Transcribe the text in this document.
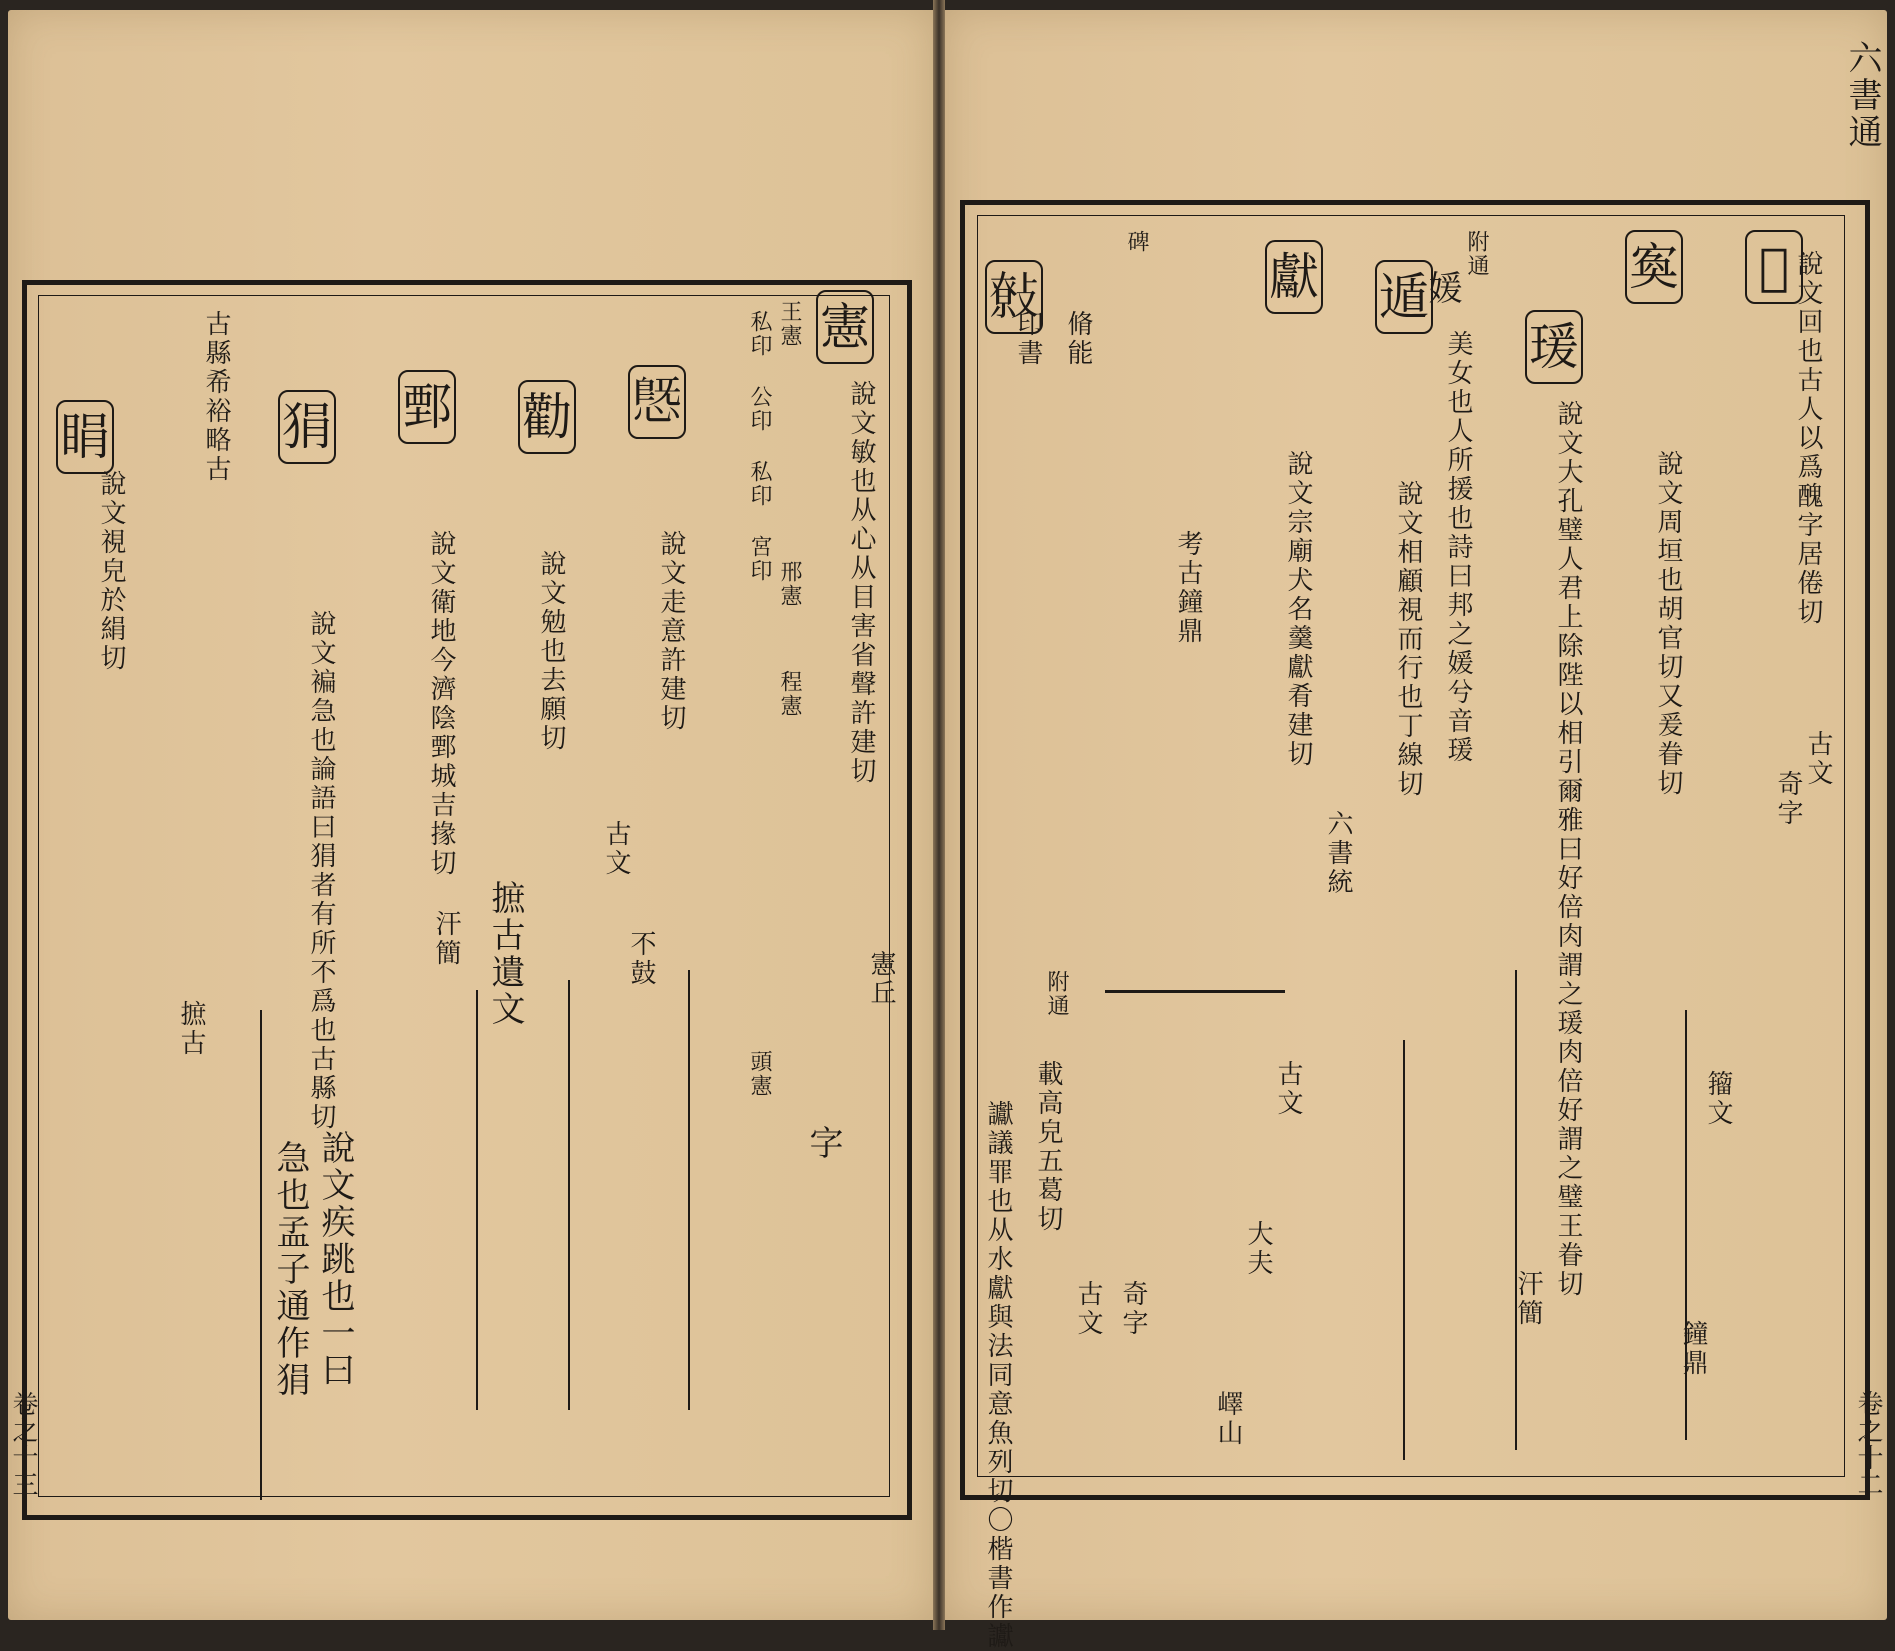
卷之十三
憲
說文敏也从心从目害省聲許建切
憲丘
王憲
邢憲
程憲
頭憲
私印 公印 私印 宮印
𢟪
說文走意許建切
古文
不鼓
勸
說文勉也去願切
摭古遺文
鄄
說文衛地今濟陰鄄城吉掾切
汗簡
狷
說文褊急也論語曰狷者有所不爲也古縣切
說文疾跳也一曰
急也孟子通作狷
睊
說文視皃於絹切
古縣希裕略古
摭古
字
六書通
卷之十二
𡇯 說文回也古人以爲醜字居倦切
古文
奇字
寏
說文周垣也胡官切又爰眷切
籀文
鐘鼎
瑗
說文大孔璧人君上除陛以相引爾雅曰好倍肉謂之瑗肉倍好謂之璧王眷切
汗簡
附通
媛
美女也人所援也詩曰邦之媛兮音瑗
遁
說文相顧視而行也丁線切
六書統
獻
說文宗廟犬名羹獻肴建切
古文
大夫
嶧山
考古鐘鼎
奇字
古文
附通
載高皃五葛切
讞議罪也从水獻與法同意魚列切〇楷書作讞
𢿞
碑
脩能
印書
